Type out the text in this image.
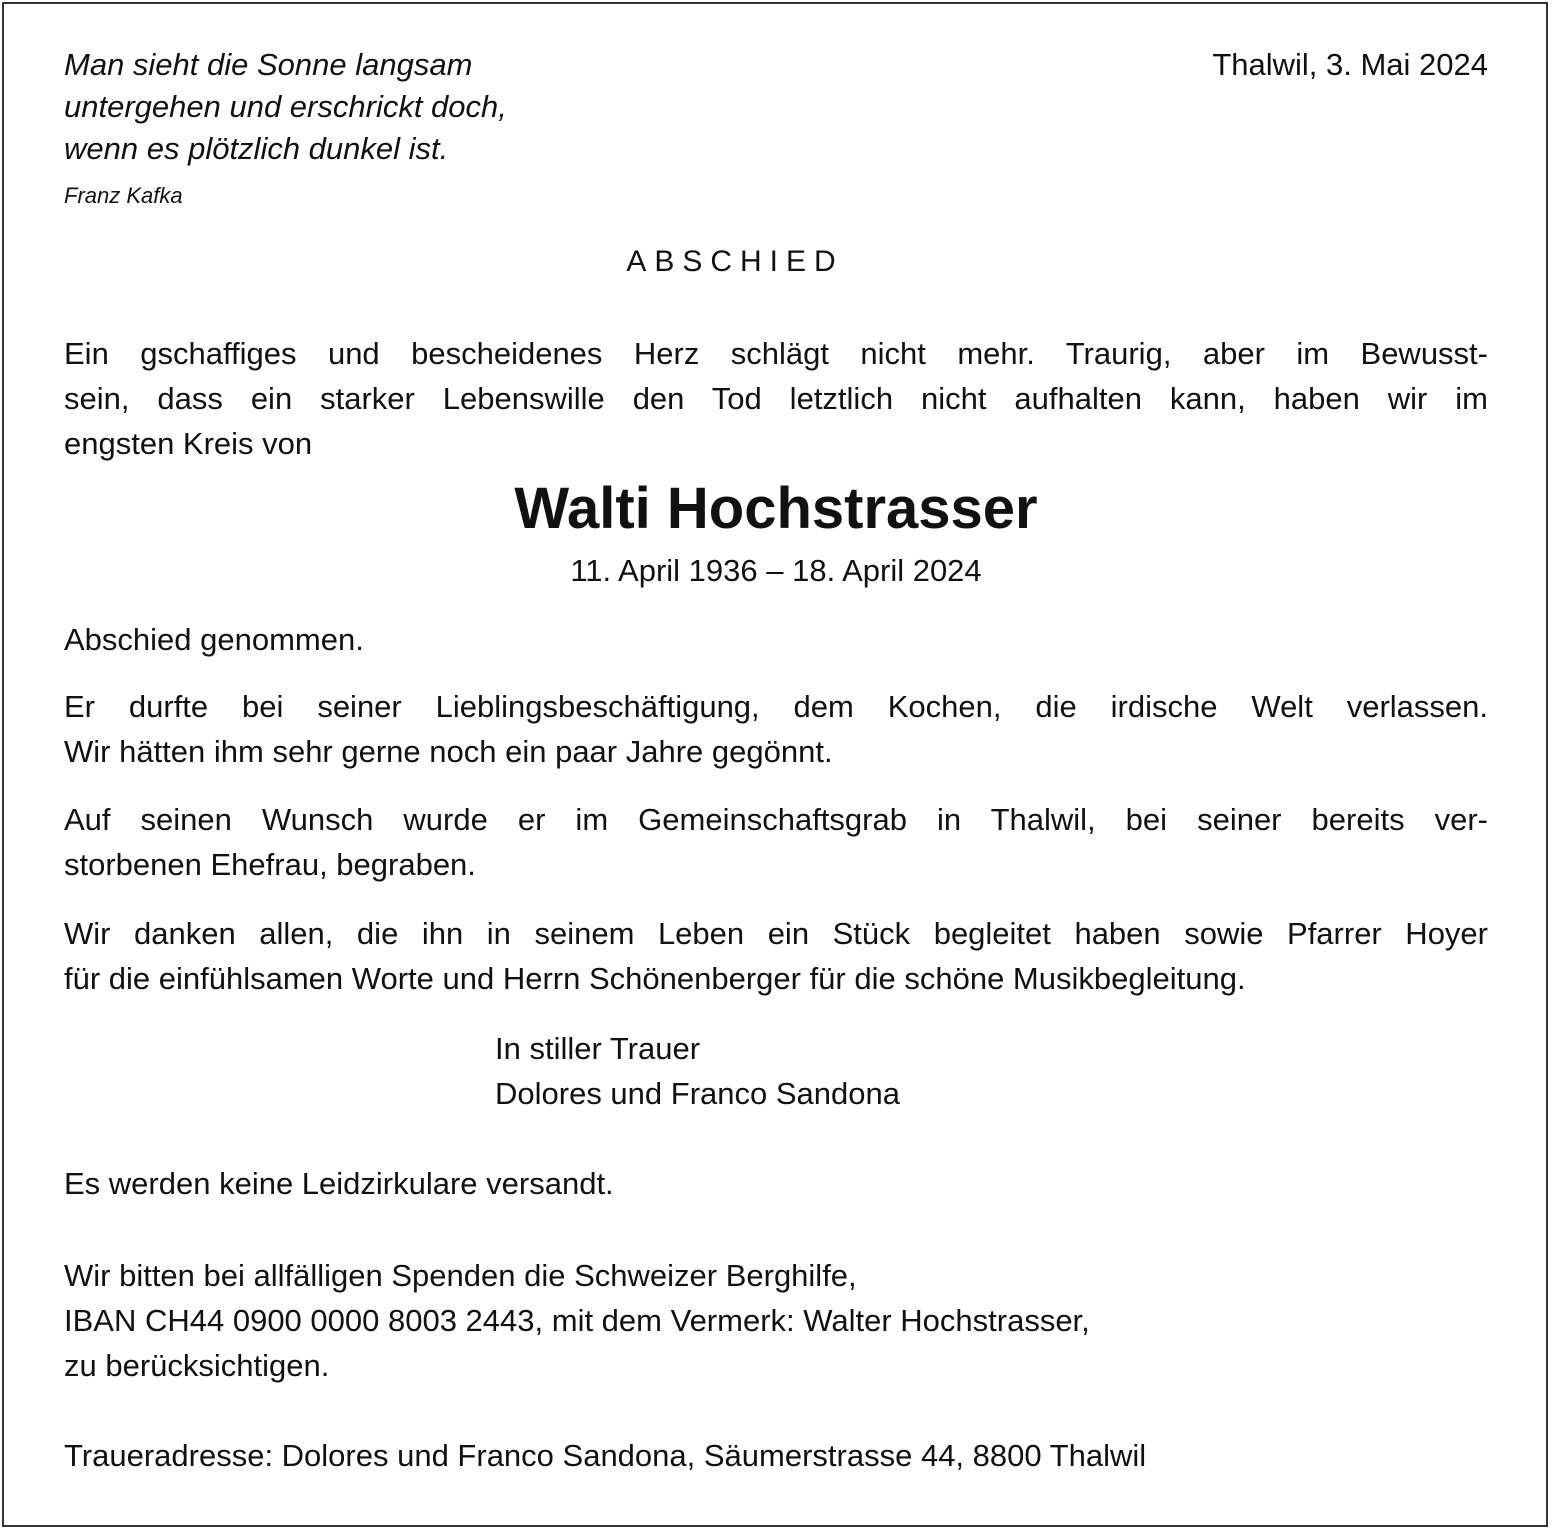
Man sieht die Sonne langsam
untergehen und erschrickt doch,
wenn es plötzlich dunkel ist.
Franz Kafka
Thalwil, 3. Mai 2024
ABSCHIED
Ein gschaffiges und bescheidenes Herz schlägt nicht mehr. Traurig, aber im Bewusst-
sein, dass ein starker Lebenswille den Tod letztlich nicht aufhalten kann, haben wir im
engsten Kreis von
Walti Hochstrasser
11. April 1936 – 18. April 2024
Abschied genommen.
Er durfte bei seiner Lieblingsbeschäftigung, dem Kochen, die irdische Welt verlassen.
Wir hätten ihm sehr gerne noch ein paar Jahre gegönnt.
Auf seinen Wunsch wurde er im Gemeinschaftsgrab in Thalwil, bei seiner bereits ver-
storbenen Ehefrau, begraben.
Wir danken allen, die ihn in seinem Leben ein Stück begleitet haben sowie Pfarrer Hoyer
für die einfühlsamen Worte und Herrn Schönenberger für die schöne Musikbegleitung.
In stiller Trauer
Dolores und Franco Sandona
Es werden keine Leidzirkulare versandt.
Wir bitten bei allfälligen Spenden die Schweizer Berghilfe,
IBAN CH44 0900 0000 8003 2443, mit dem Vermerk: Walter Hochstrasser,
zu berücksichtigen.
Traueradresse: Dolores und Franco Sandona, Säumerstrasse 44, 8800 Thalwil
